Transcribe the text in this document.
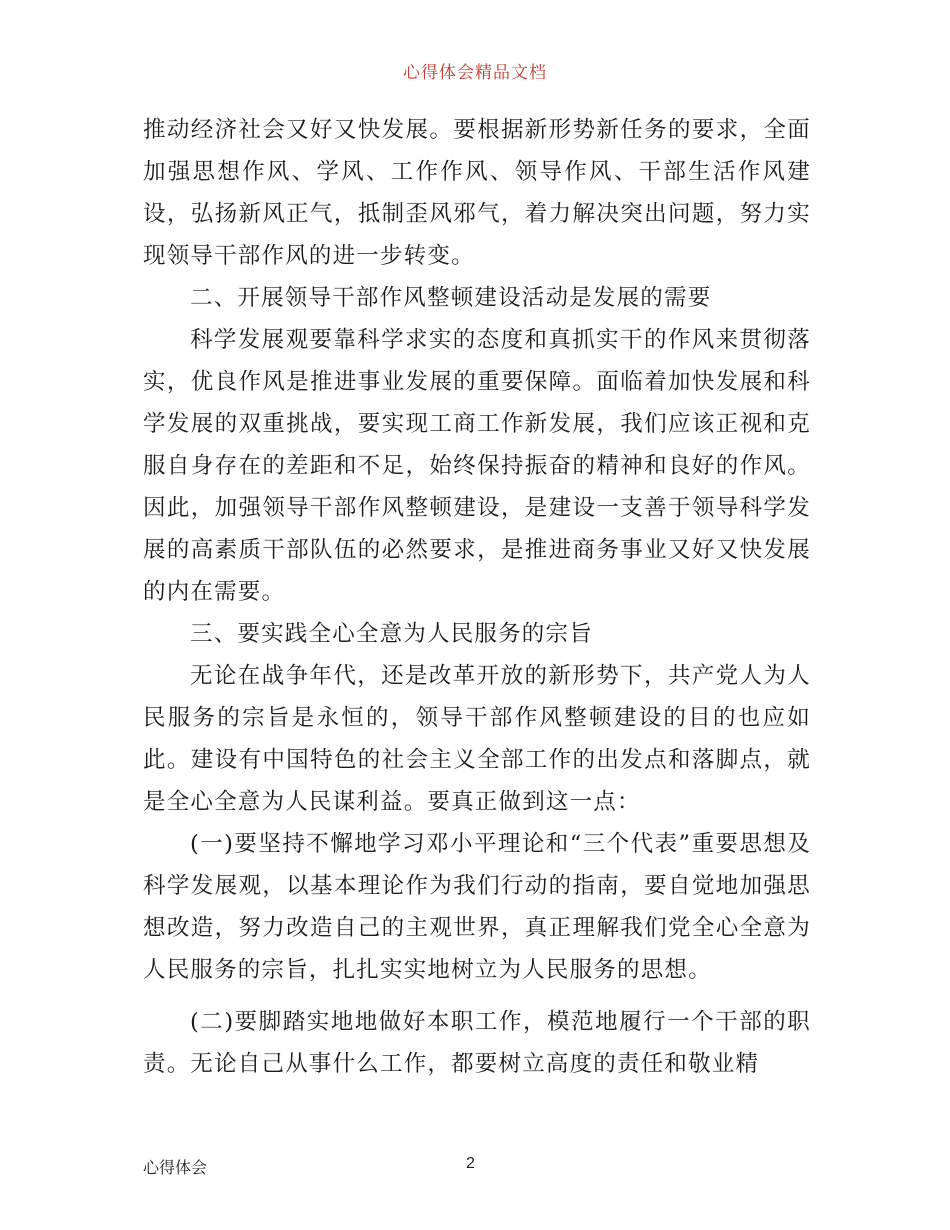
心得体会精品文档

推动经济社会又好又快发展。要根据新形势新任务的要求，全面加强思想作风、学风、工作作风、领导作风、干部生活作风建设，弘扬新风正气，抵制歪风邪气，着力解决突出问题，努力实现领导干部作风的进一步转变。

二、开展领导干部作风整顿建设活动是发展的需要

科学发展观要靠科学求实的态度和真抓实干的作风来贯彻落实，优良作风是推进事业发展的重要保障。面临着加快发展和科学发展的双重挑战，要实现工商工作新发展，我们应该正视和克服自身存在的差距和不足，始终保持振奋的精神和良好的作风。因此，加强领导干部作风整顿建设，是建设一支善于领导科学发展的高素质干部队伍的必然要求，是推进商务事业又好又快发展的内在需要。

三、要实践全心全意为人民服务的宗旨

无论在战争年代，还是改革开放的新形势下，共产党人为人民服务的宗旨是永恒的，领导干部作风整顿建设的目的也应如此。建设有中国特色的社会主义全部工作的出发点和落脚点，就是全心全意为人民谋利益。要真正做到这一点：

(一)要坚持不懈地学习邓小平理论和“三个代表”重要思想及科学发展观，以基本理论作为我们行动的指南，要自觉地加强思想改造，努力改造自己的主观世界，真正理解我们党全心全意为人民服务的宗旨，扎扎实实地树立为人民服务的思想。

(二)要脚踏实地地做好本职工作，模范地履行一个干部的职责。无论自己从事什么工作，都要树立高度的责任和敬业精

心得体会	2
